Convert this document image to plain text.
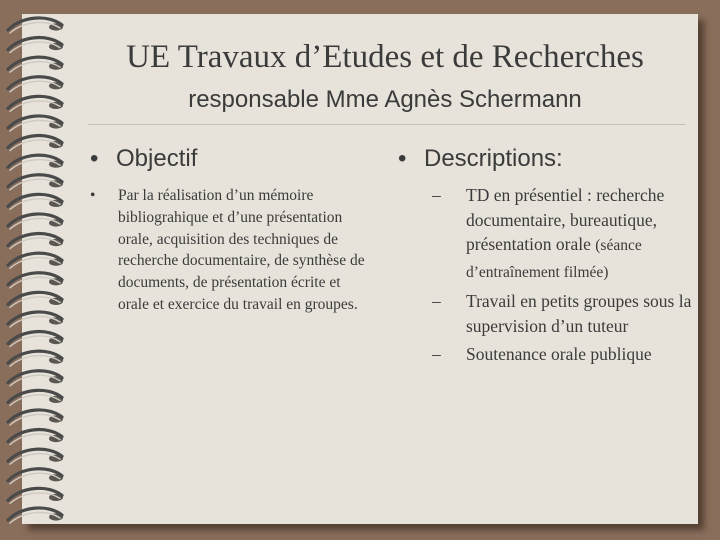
UE Travaux d’Etudes et de Recherches
responsable Mme Agnès Schermann
• Objectif
•	Par la réalisation d’un mémoire bibliograhique et d’une présentation orale, acquisition des techniques de recherche documentaire, de synthèse de documents, de présentation écrite et orale et exercice du travail en groupes.
• Descriptions:
–	TD en présentiel : recherche documentaire, bureautique, présentation orale (séance d’entraînement filmée)
–	Travail en petits groupes sous la supervision d’un tuteur
–	Soutenance orale publique
